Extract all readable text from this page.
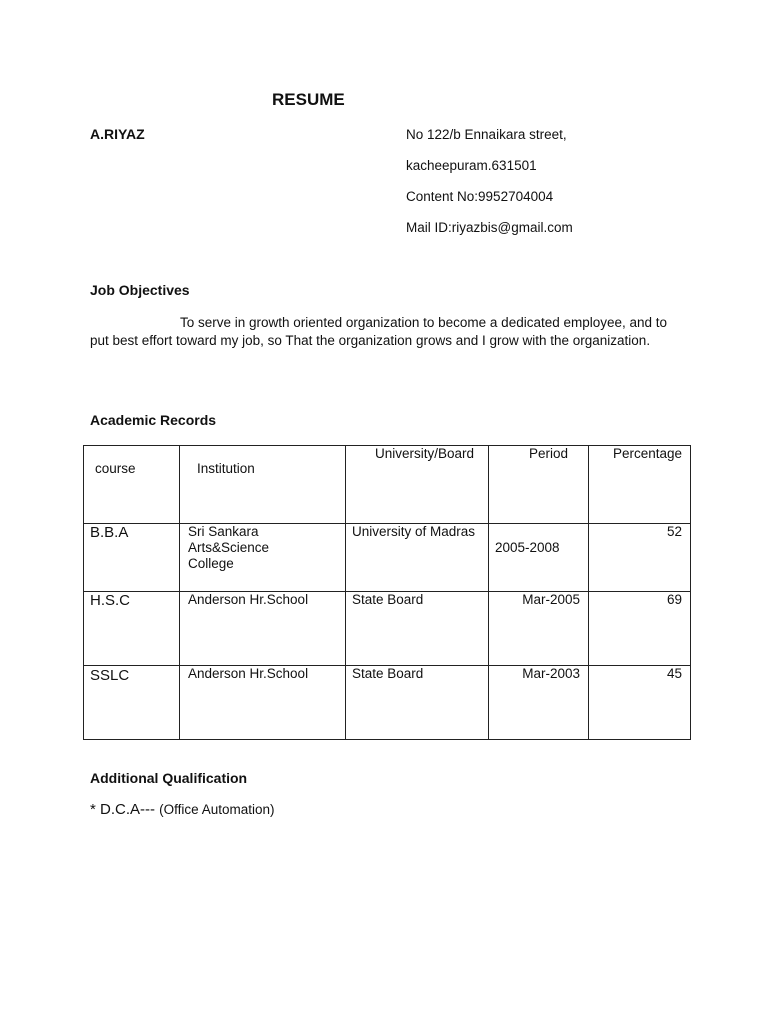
RESUME
A.RIYAZ	No 122/b Ennaikara street,
kacheepuram.631501
Content No:9952704004
Mail ID:riyazbis@gmail.com
Job Objectives
To serve in growth oriented organization to become a dedicated employee, and to put best effort toward my job, so That the organization grows and I grow with the organization.
Academic Records
course	Institution	University/Board	Period	Percentage

B.B.A	Sri Sankara Arts&Science College	University of Madras	2005-2008	52

H.S.C	Anderson Hr.School	State Board	Mar-2005	69

SSLC	Anderson Hr.School	State Board	Mar-2003	45
Additional Qualification
* D.C.A--- (Office Automation)
